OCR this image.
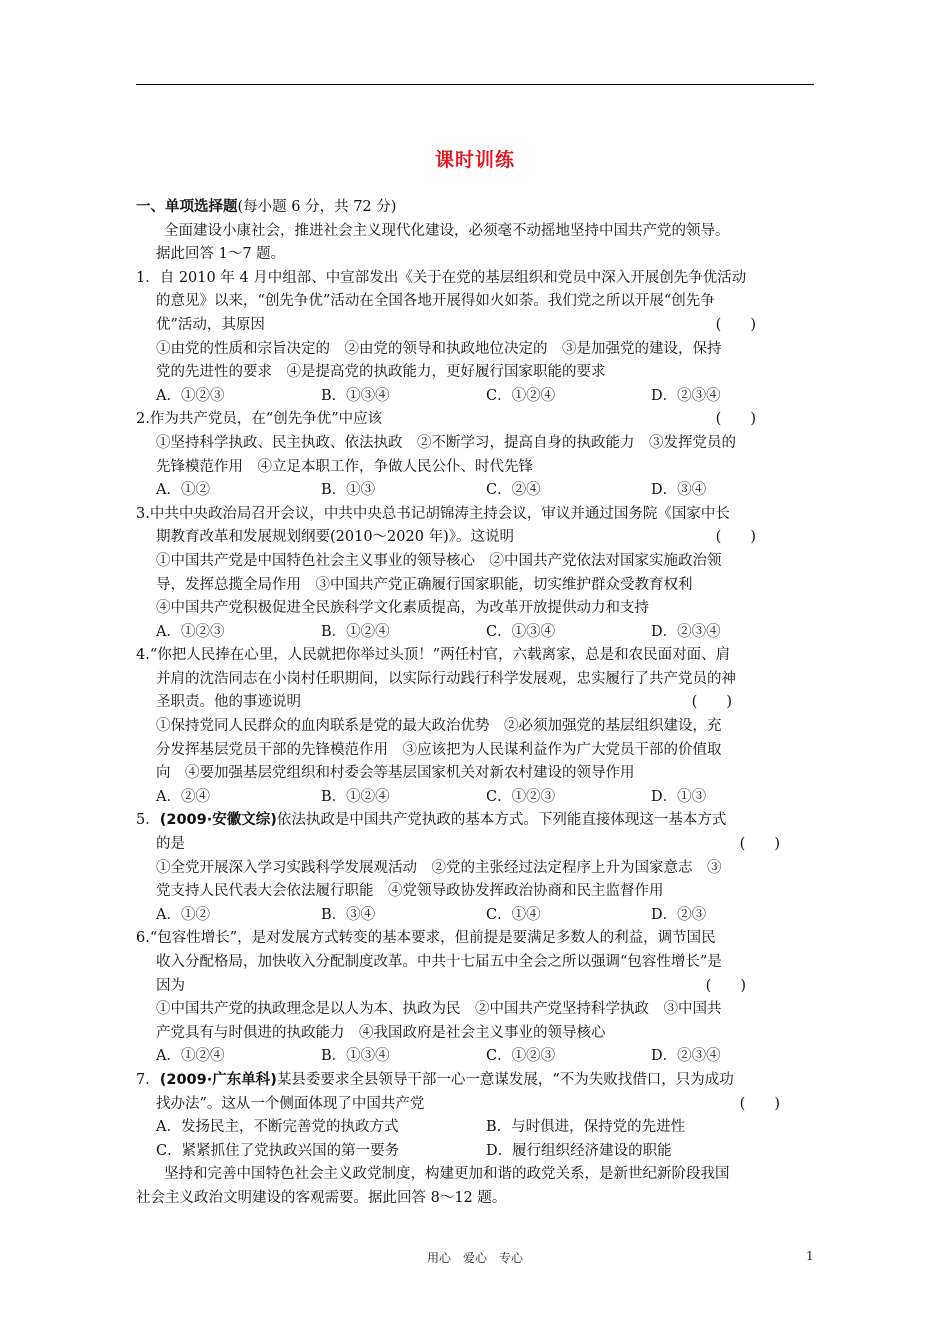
课时训练
一、单项选择题(每小题 6 分，共 72 分)
全面建设小康社会，推进社会主义现代化建设，必须毫不动摇地坚持中国共产党的领导。
据此回答 1～7 题。
1．自 2010 年 4 月中组部、中宣部发出《关于在党的基层组织和党员中深入开展创先争优活动
的意见》以来，“创先争优”活动在全国各地开展得如火如荼。我们党之所以开展“创先争
优”活动，其原因	(　　)
①由党的性质和宗旨决定的　②由党的领导和执政地位决定的　③是加强党的建设，保持
党的先进性的要求　④是提高党的执政能力，更好履行国家职能的要求
A．①②③	B．①③④	C．①②④	D．②③④
2.作为共产党员，在“创先争优”中应该	(　　)
①坚持科学执政、民主执政、依法执政　②不断学习，提高自身的执政能力　③发挥党员的
先锋模范作用　④立足本职工作，争做人民公仆、时代先锋
A．①②	B．①③	C．②④	D．③④
3.中共中央政治局召开会议，中共中央总书记胡锦涛主持会议，审议并通过国务院《国家中长
期教育改革和发展规划纲要(2010～2020 年)》。这说明	(　　)
①中国共产党是中国特色社会主义事业的领导核心　②中国共产党依法对国家实施政治领
导，发挥总揽全局作用　③中国共产党正确履行国家职能，切实维护群众受教育权利
④中国共产党积极促进全民族科学文化素质提高，为改革开放提供动力和支持
A．①②③	B．①②④	C．①③④	D．②③④
4.“你把人民捧在心里，人民就把你举过头顶！”两任村官，六载离家，总是和农民面对面、肩
并肩的沈浩同志在小岗村任职期间，以实际行动践行科学发展观，忠实履行了共产党员的神
圣职责。他的事迹说明	(　　)
①保持党同人民群众的血肉联系是党的最大政治优势　②必须加强党的基层组织建设，充
分发挥基层党员干部的先锋模范作用　③应该把为人民谋利益作为广大党员干部的价值取
向　④要加强基层党组织和村委会等基层国家机关对新农村建设的领导作用
A．②④	B．①②④	C．①②③	D．①③
5．(2009·安徽文综)依法执政是中国共产党执政的基本方式。下列能直接体现这一基本方式
的是	(　　)
①全党开展深入学习实践科学发展观活动　②党的主张经过法定程序上升为国家意志　③
党支持人民代表大会依法履行职能　④党领导政协发挥政治协商和民主监督作用
A．①②	B．③④	C．①④	D．②③
6.“包容性增长”，是对发展方式转变的基本要求，但前提是要满足多数人的利益，调节国民
收入分配格局，加快收入分配制度改革。中共十七届五中全会之所以强调“包容性增长”是
因为	(　　)
①中国共产党的执政理念是以人为本、执政为民　②中国共产党坚持科学执政　③中国共
产党具有与时俱进的执政能力　④我国政府是社会主义事业的领导核心
A．①②④	B．①③④	C．①②③	D．②③④
7．(2009·广东单科)某县委要求全县领导干部一心一意谋发展，“不为失败找借口，只为成功
找办法”。这从一个侧面体现了中国共产党	(　　)
A．发扬民主，不断完善党的执政方式	B．与时俱进，保持党的先进性
C．紧紧抓住了党执政兴国的第一要务	D．履行组织经济建设的职能
坚持和完善中国特色社会主义政党制度，构建更加和谐的政党关系，是新世纪新阶段我国
社会主义政治文明建设的客观需要。据此回答 8～12 题。
用心　爱心　专心	1
